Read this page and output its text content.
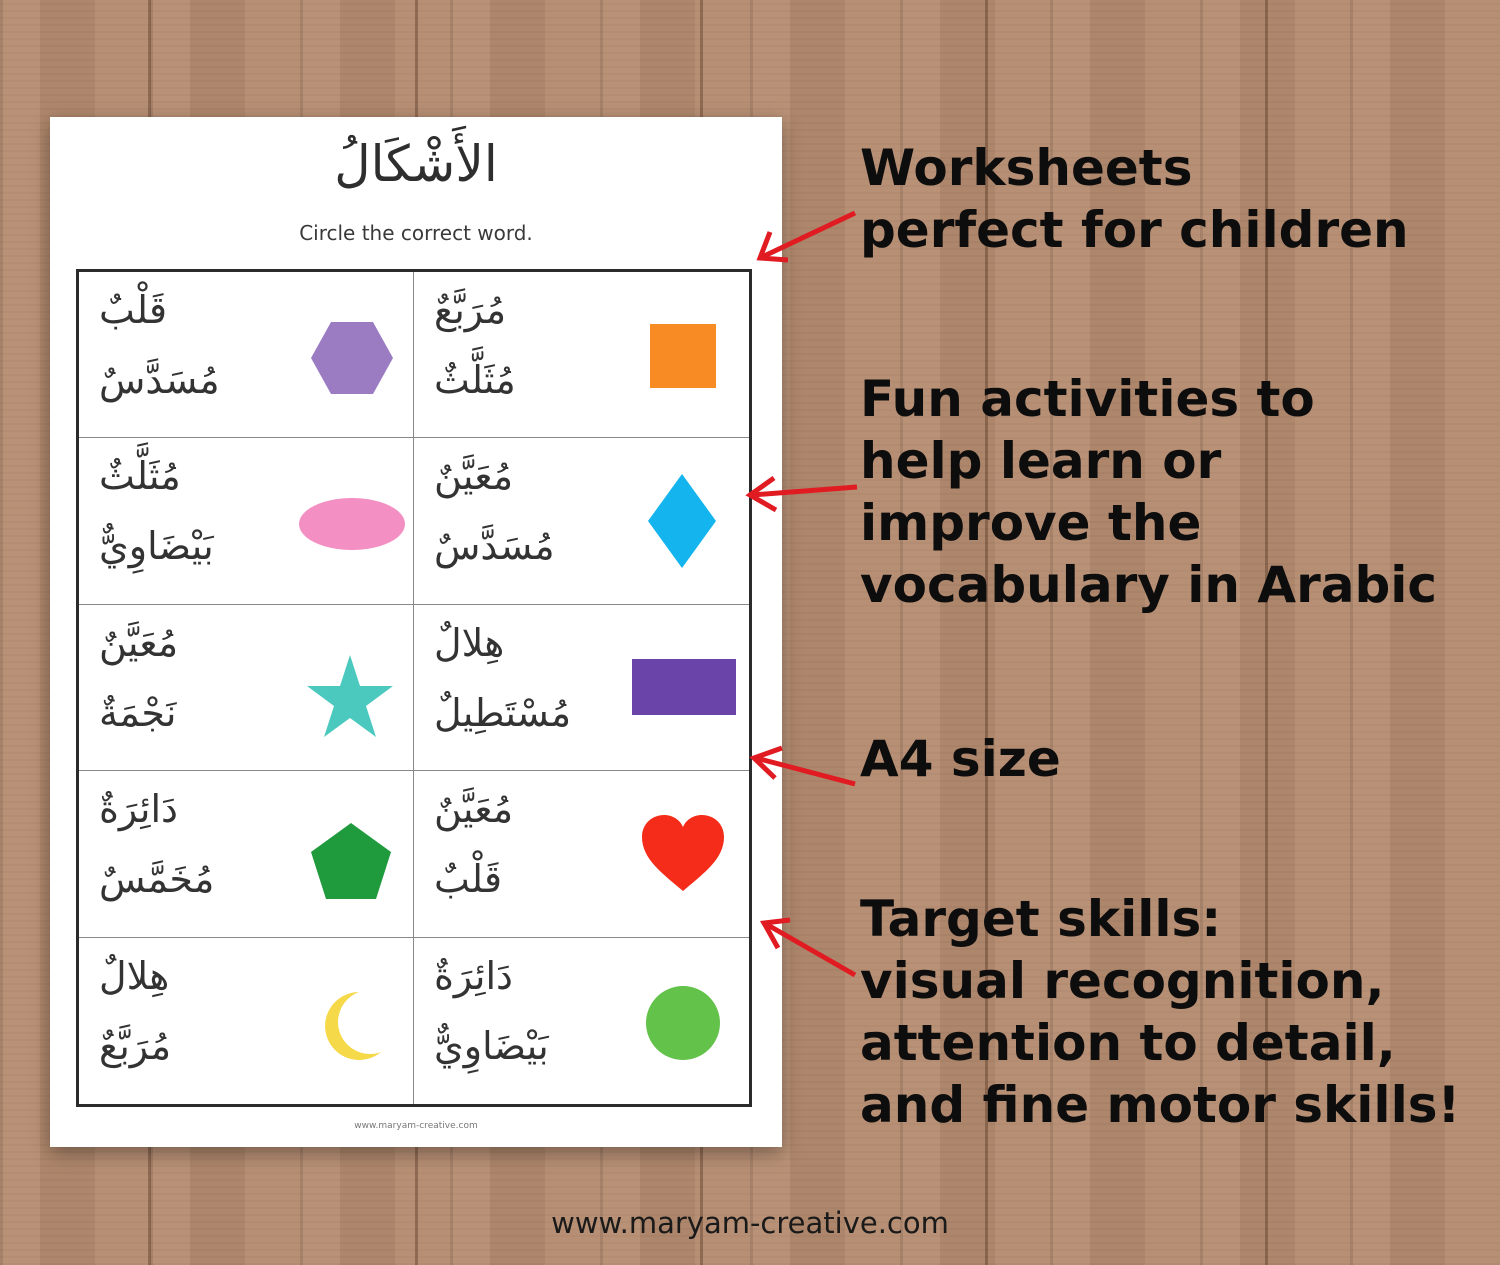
الأَشْكَالُ
Circle the correct word.
قَلْبٌ
مُسَدَّسٌ
مُرَبَّعٌ
مُثَلَّثٌ
مُثَلَّثٌ
بَيْضَاوِيٌّ
مُعَيَّنٌ
مُسَدَّسٌ
مُعَيَّنٌ
نَجْمَةٌ
هِلالٌ
مُسْتَطِيلٌ
دَائِرَةٌ
مُخَمَّسٌ
مُعَيَّنٌ
قَلْبٌ
هِلالٌ
مُرَبَّعٌ
دَائِرَةٌ
بَيْضَاوِيٌّ
www.maryam-creative.com
Worksheets
perfect for children
Fun activities to
help learn or
improve the
vocabulary in Arabic
A4 size
Target skills:
visual recognition,
attention to detail,
and fine motor skills!
www.maryam-creative.com
